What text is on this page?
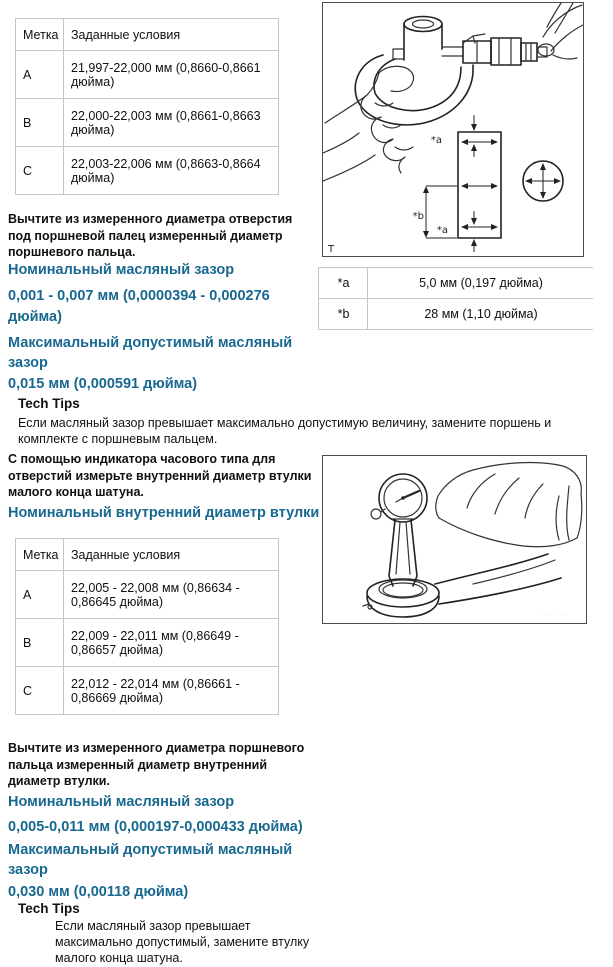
Метка	Заданные условия
A	21,997-22,000 мм (0,8660-0,8661 дюйма)
B	22,000-22,003 мм (0,8661-0,8663 дюйма)
C	22,003-22,006 мм (0,8663-0,8664 дюйма)
*a
*b
*a
T
Вычтите из измеренного диаметра отверстия под поршневой палец измеренный диаметр поршневого пальца.
Номинальный масляный зазор
0,001 - 0,007 мм (0,0000394 - 0,000276 дюйма)
Максимальный допустимый масляный зазор
0,015 мм (0,000591 дюйма)
*a	5,0 мм (0,197 дюйма)
*b	28 мм (1,10 дюйма)
Tech Tips
Если масляный зазор превышает максимально допустимую величину, замените поршень и комплекте с поршневым пальцем.
С помощью индикатора часового типа для отверстий измерьте внутренний диаметр втулки малого конца шатуна.
Номинальный внутренний диаметр втулки
Метка	Заданные условия
A	22,005 - 22,008 мм (0,86634 - 0,86645 дюйма)
B	22,009 - 22,011 мм (0,86649 - 0,86657 дюйма)
C	22,012 - 22,014 мм (0,86661 - 0,86669 дюйма)
· ·· · ···
Вычтите из измеренного диаметра поршневого пальца измеренный диаметр внутренний диаметр втулки.
Номинальный масляный зазор
0,005-0,011 мм (0,000197-0,000433 дюйма)
Максимальный допустимый масляный зазор
0,030 мм (0,00118 дюйма)
Tech Tips
Если масляный зазор превышает максимально допустимый, замените втулку малого конца шатуна.
